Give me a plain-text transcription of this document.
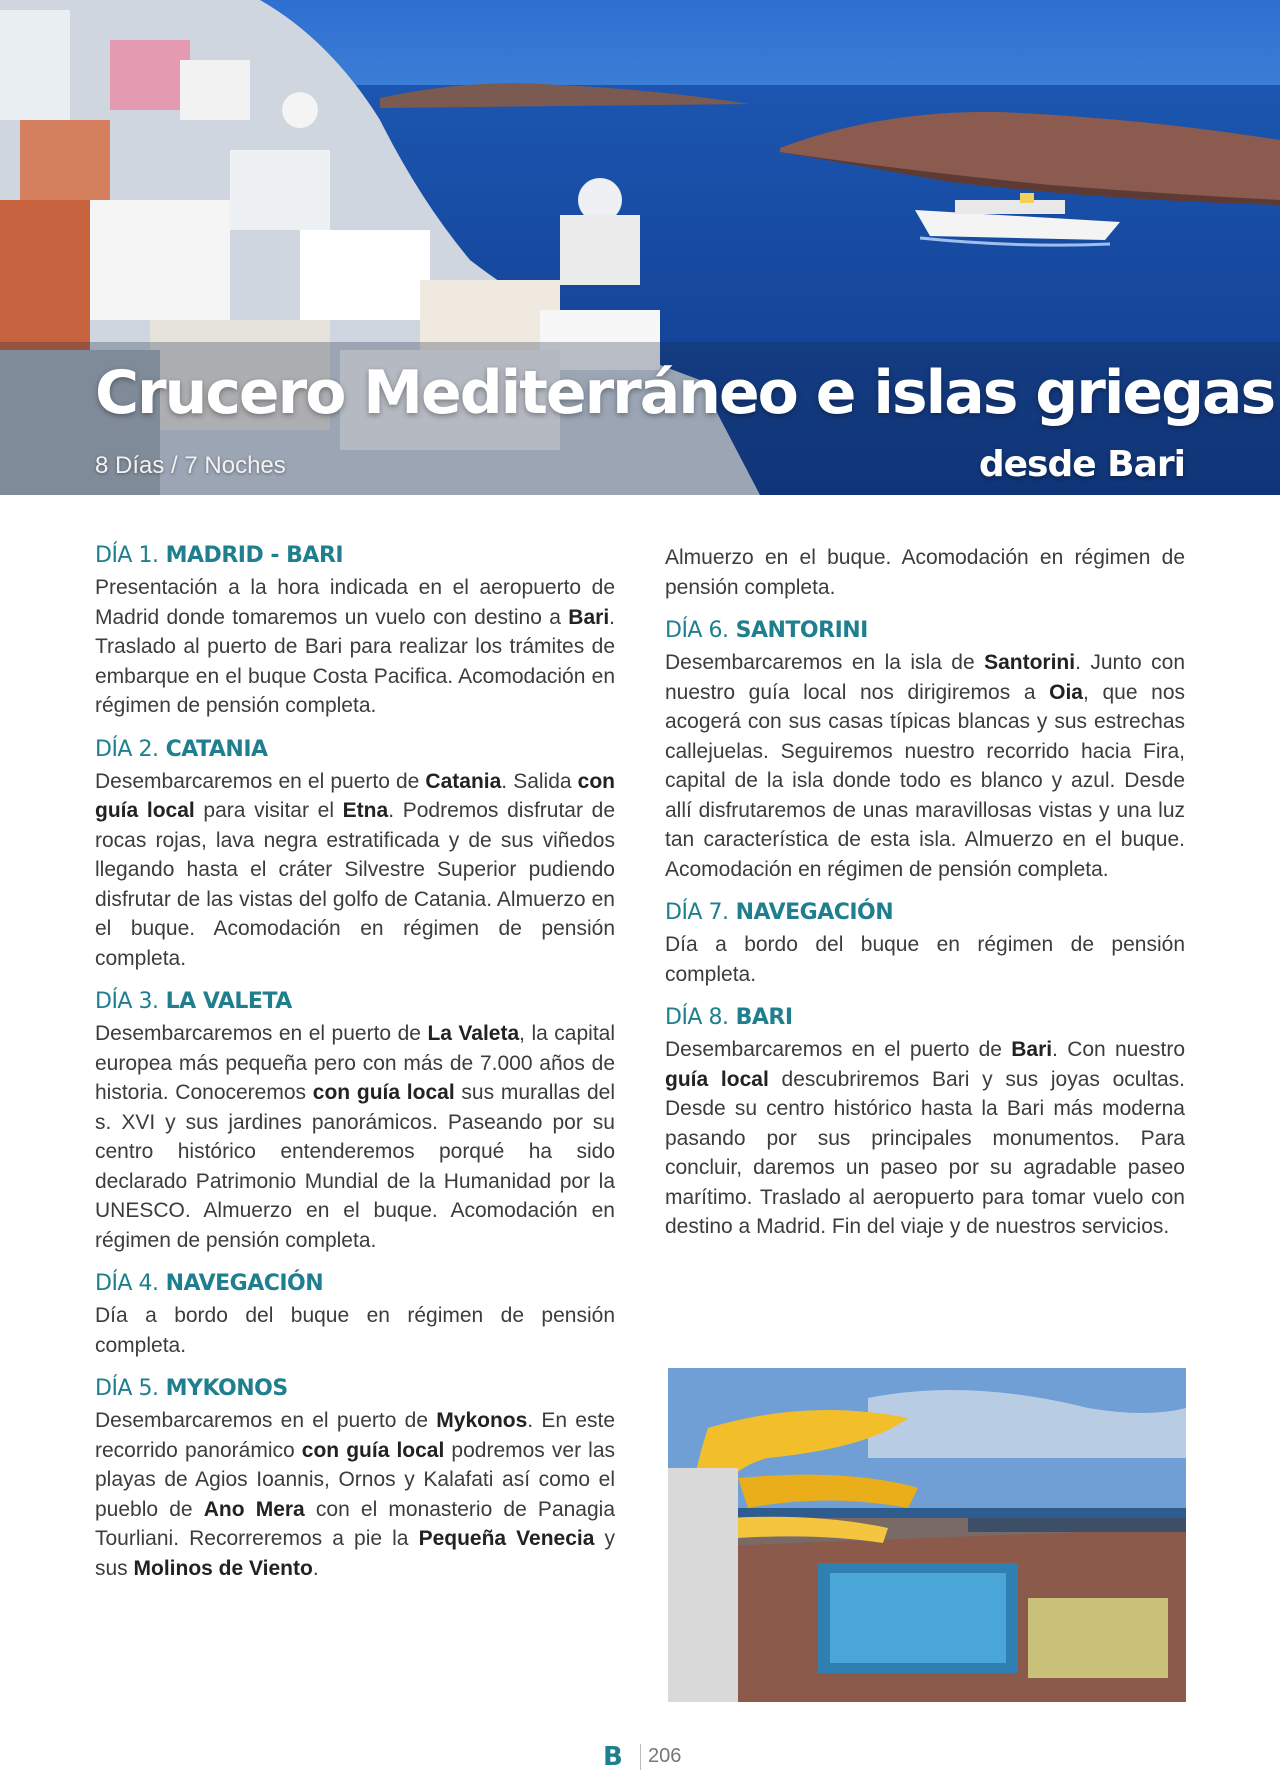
Crucero Mediterráneo e islas griegas
8 Días / 7 Noches	desde Bari
DÍA 1. MADRID - BARI

Presentación a la hora indicada en el aeropuerto de Madrid donde tomaremos un vuelo con destino a Bari. Traslado al puerto de Bari para realizar los trámites de embarque en el buque Costa Pacifica. Acomodación en régimen de pensión completa.

DÍA 2. CATANIA

Desembarcaremos en el puerto de Catania. Salida con guía local para visitar el Etna. Podremos disfrutar de rocas rojas, lava negra estratificada y de sus viñedos llegando hasta el cráter Silvestre Superior pudiendo disfrutar de las vistas del golfo de Catania. Almuerzo en el buque. Acomodación en régimen de pensión completa.

DÍA 3. LA VALETA

Desembarcaremos en el puerto de La Valeta, la capital europea más pequeña pero con más de 7.000 años de historia. Conoceremos con guía local sus murallas del s. XVI y sus jardines panorámicos. Paseando por su centro histórico entenderemos porqué ha sido declarado Patrimonio Mundial de la Humanidad por la UNESCO. Almuerzo en el buque. Acomodación en régimen de pensión completa.

DÍA 4. NAVEGACIÓN

Día a bordo del buque en régimen de pensión completa.

DÍA 5. MYKONOS

Desembarcaremos en el puerto de Mykonos. En este recorrido panorámico con guía local podremos ver las playas de Agios Ioannis, Ornos y Kalafati así como el pueblo de Ano Mera con el monasterio de Panagia Tourliani. Recorreremos a pie la Pequeña Venecia y sus Molinos de Viento.

Almuerzo en el buque. Acomodación en régimen de pensión completa.

DÍA 6. SANTORINI

Desembarcaremos en la isla de Santorini. Junto con nuestro guía local nos dirigiremos a Oia, que nos acogerá con sus casas típicas blancas y sus estrechas callejuelas. Seguiremos nuestro recorrido hacia Fira, capital de la isla donde todo es blanco y azul. Desde allí disfrutaremos de unas maravillosas vistas y una luz tan característica de esta isla. Almuerzo en el buque. Acomodación en régimen de pensión completa.

DÍA 7. NAVEGACIÓN

Día a bordo del buque en régimen de pensión completa.

DÍA 8. BARI

Desembarcaremos en el puerto de Bari. Con nuestro guía local descubriremos Bari y sus joyas ocultas. Desde su centro histórico hasta la Bari más moderna pasando por sus principales monumentos. Para concluir, daremos un paseo por su agradable paseo marítimo. Traslado al aeropuerto para tomar vuelo con destino a Madrid. Fin del viaje y de nuestros servicios.

B 206
